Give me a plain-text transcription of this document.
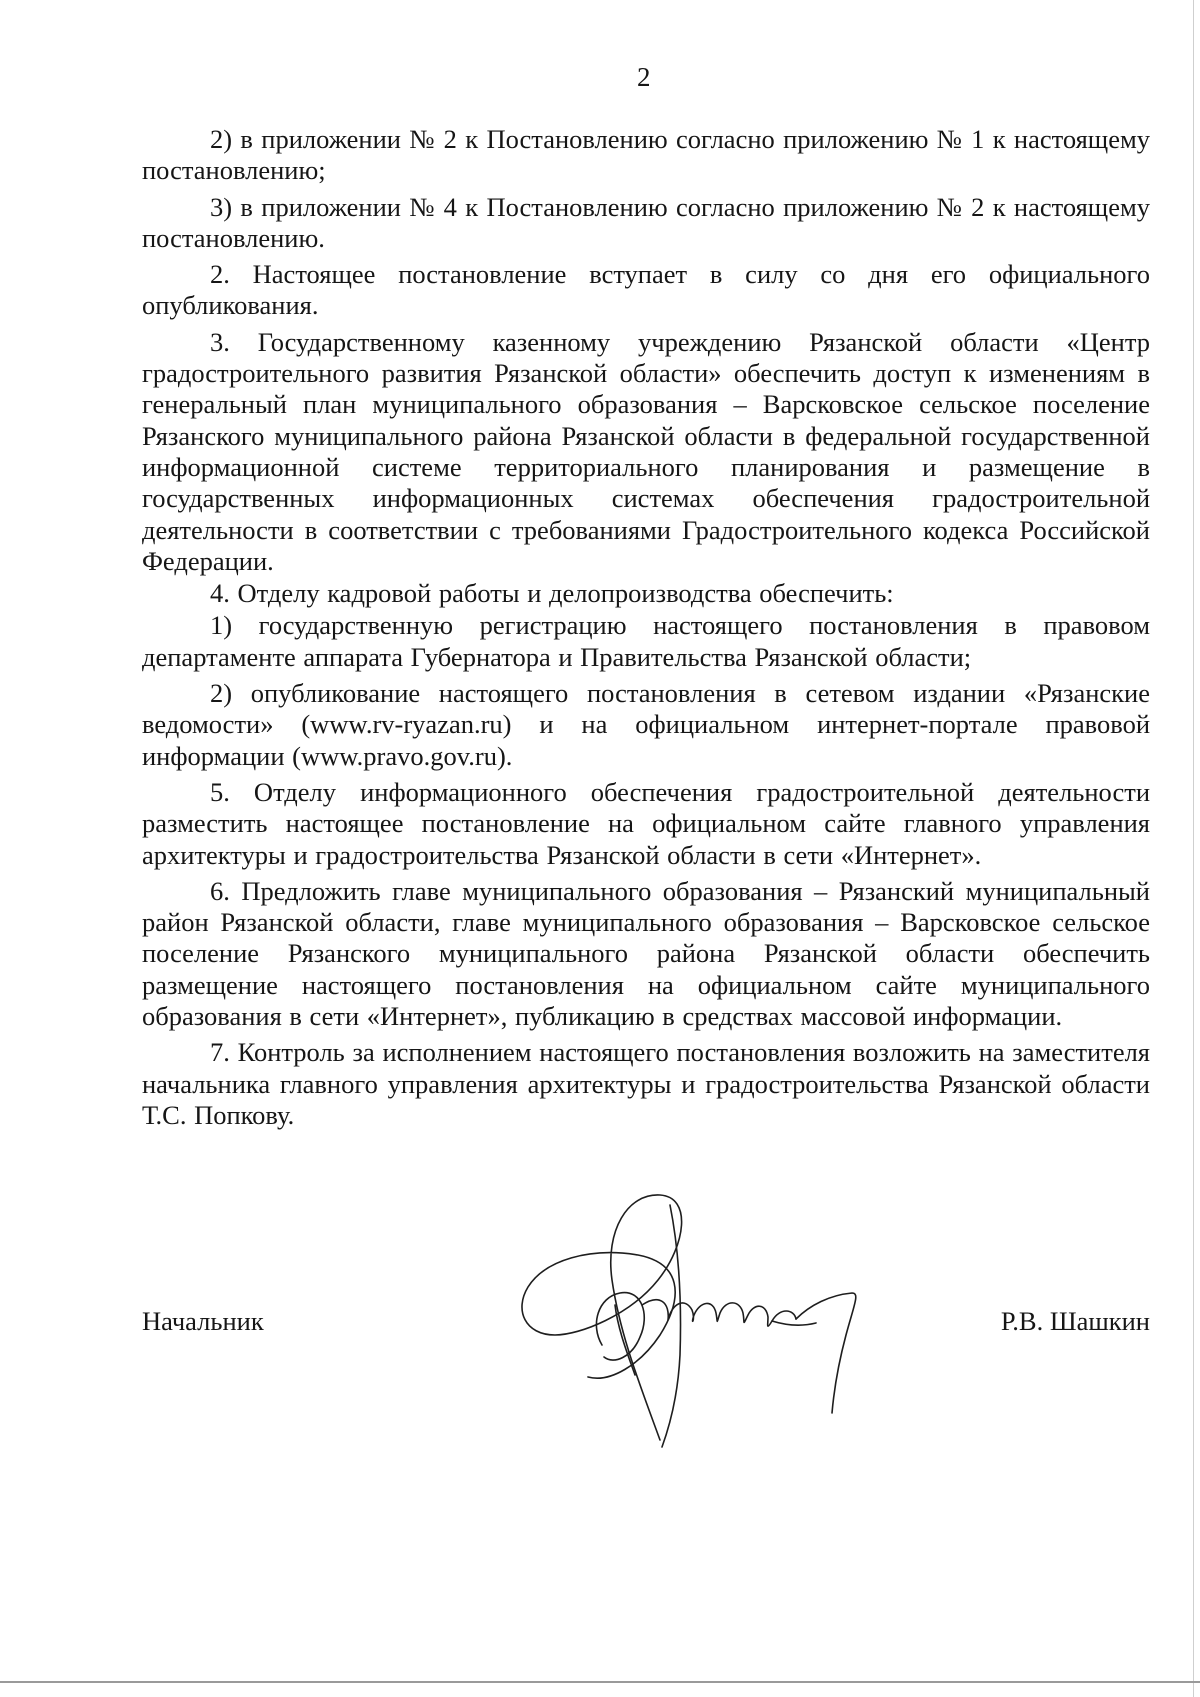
2

2) в приложении № 2 к Постановлению согласно приложению № 1 к настоящему постановлению;

3) в приложении № 4 к Постановлению согласно приложению № 2 к настоящему постановлению.

2. Настоящее постановление вступает в силу со дня его официального опубликования.

3. Государственному казенному учреждению Рязанской области «Центр градостроительного развития Рязанской области» обеспечить доступ к изменениям в генеральный план муниципального образования – Варсковское сельское поселение Рязанского муниципального района Рязанской области в федеральной государственной информационной системе территориального планирования и размещение в государственных информационных системах обеспечения градостроительной деятельности в соответствии с требованиями Градостроительного кодекса Российской Федерации.

4. Отделу кадровой работы и делопроизводства обеспечить:

1) государственную регистрацию настоящего постановления в правовом департаменте аппарата Губернатора и Правительства Рязанской области;

2) опубликование настоящего постановления в сетевом издании «Рязанские ведомости» (www.rv-ryazan.ru) и на официальном интернет-портале правовой информации (www.pravo.gov.ru).

5. Отделу информационного обеспечения градостроительной деятельности разместить настоящее постановление на официальном сайте главного управления архитектуры и градостроительства Рязанской области в сети «Интернет».

6. Предложить главе муниципального образования – Рязанский муниципальный район Рязанской области, главе муниципального образования – Варсковское сельское поселение Рязанского муниципального района Рязанской области обеспечить размещение настоящего постановления на официальном сайте муниципального образования в сети «Интернет», публикацию в средствах массовой информации.

7. Контроль за исполнением настоящего постановления возложить на заместителя начальника главного управления архитектуры и градостроительства Рязанской области Т.С. Попкову.

Начальник	Р.В. Шашкин
